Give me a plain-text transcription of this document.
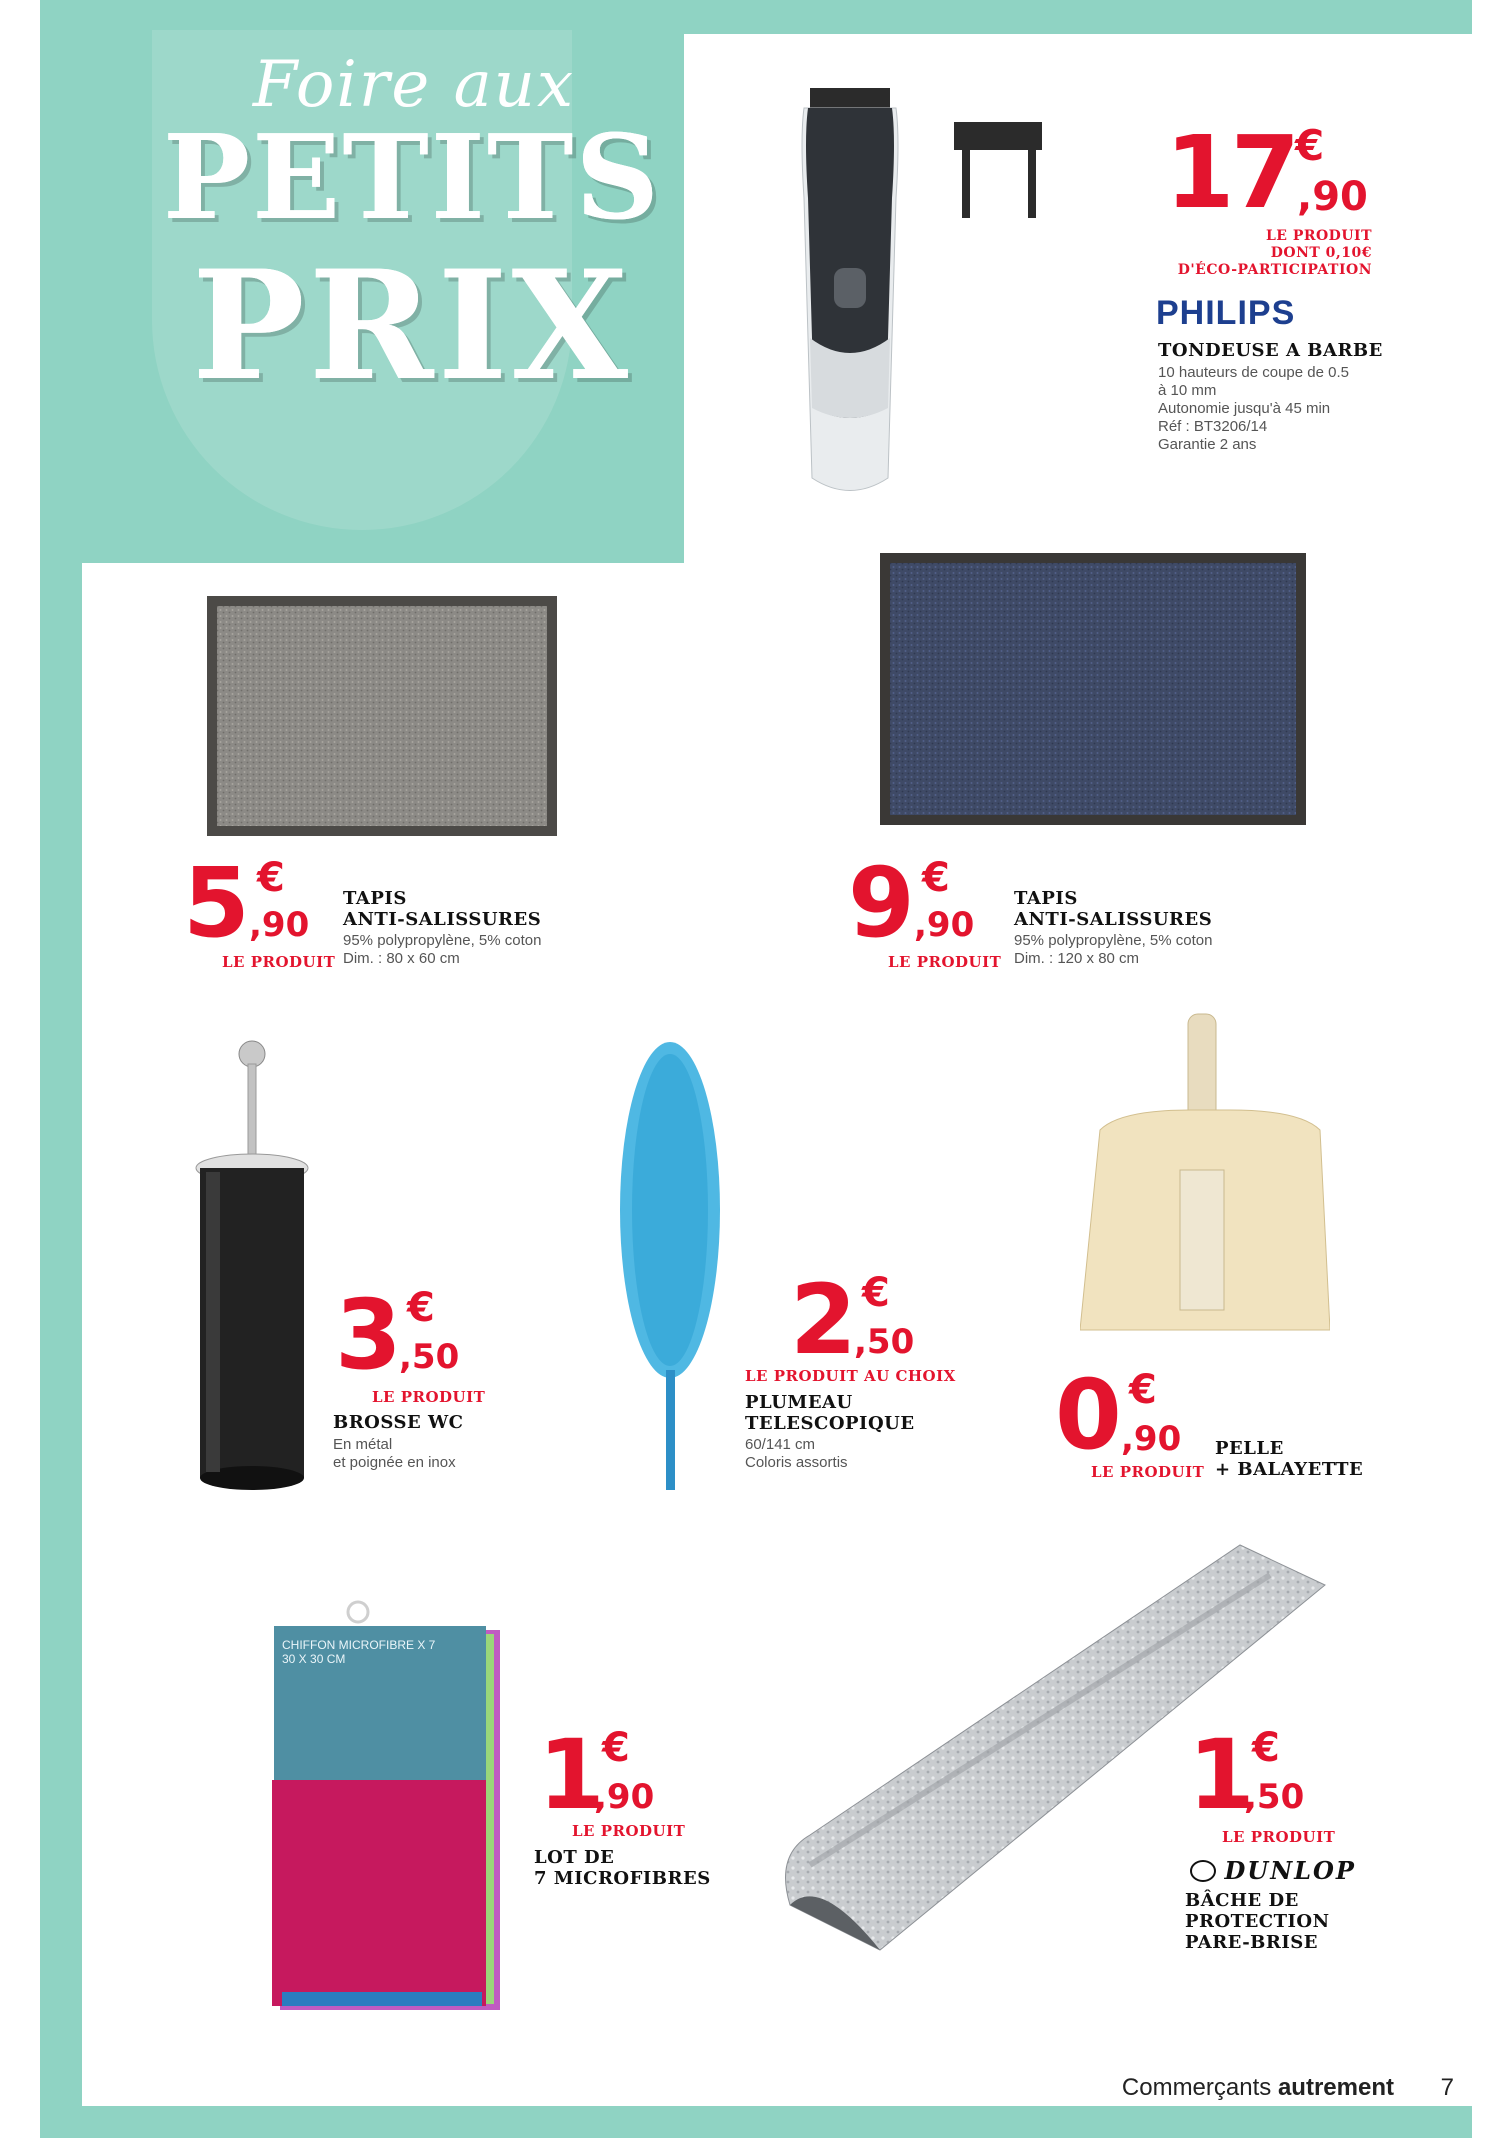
Foire aux
PETITS
PRIX
17
€
,90
LE PRODUIT
DONT 0,10€
D'ÉCO-PARTICIPATION
PHILIPS
TONDEUSE A BARBE
10 hauteurs de coupe de 0.5
à 10 mm
Autonomie jusqu'à 45 min
Réf : BT3206/14
Garantie 2 ans
5 €
,90
LE PRODUIT
TAPIS
ANTI-SALISSURES
95% polypropylène, 5% coton
Dim. : 80 x 60 cm	9 €
,90
LE PRODUIT
TAPIS
ANTI-SALISSURES
95% polypropylène, 5% coton
Dim. : 120 x 80 cm
3 €
,50
LE PRODUIT
BROSSE WC
En métal
et poignée en inox
2 €
,50
LE PRODUIT AU CHOIX
PLUMEAU
TELESCOPIQUE
60/141 cm
Coloris assortis 0 €
,90
LE PRODUIT
PELLE
+ BALAYETTE
CHIFFON MICROFIBRE X 7
30 X 30 CM
1 €
,90
LE PRODUIT
LOT DE
7 MICROFIBRES
1 €
,50
LE PRODUIT
DUNLOP
BÂCHE DE
PROTECTION
PARE-BRISE
Commerçants autrement 7
